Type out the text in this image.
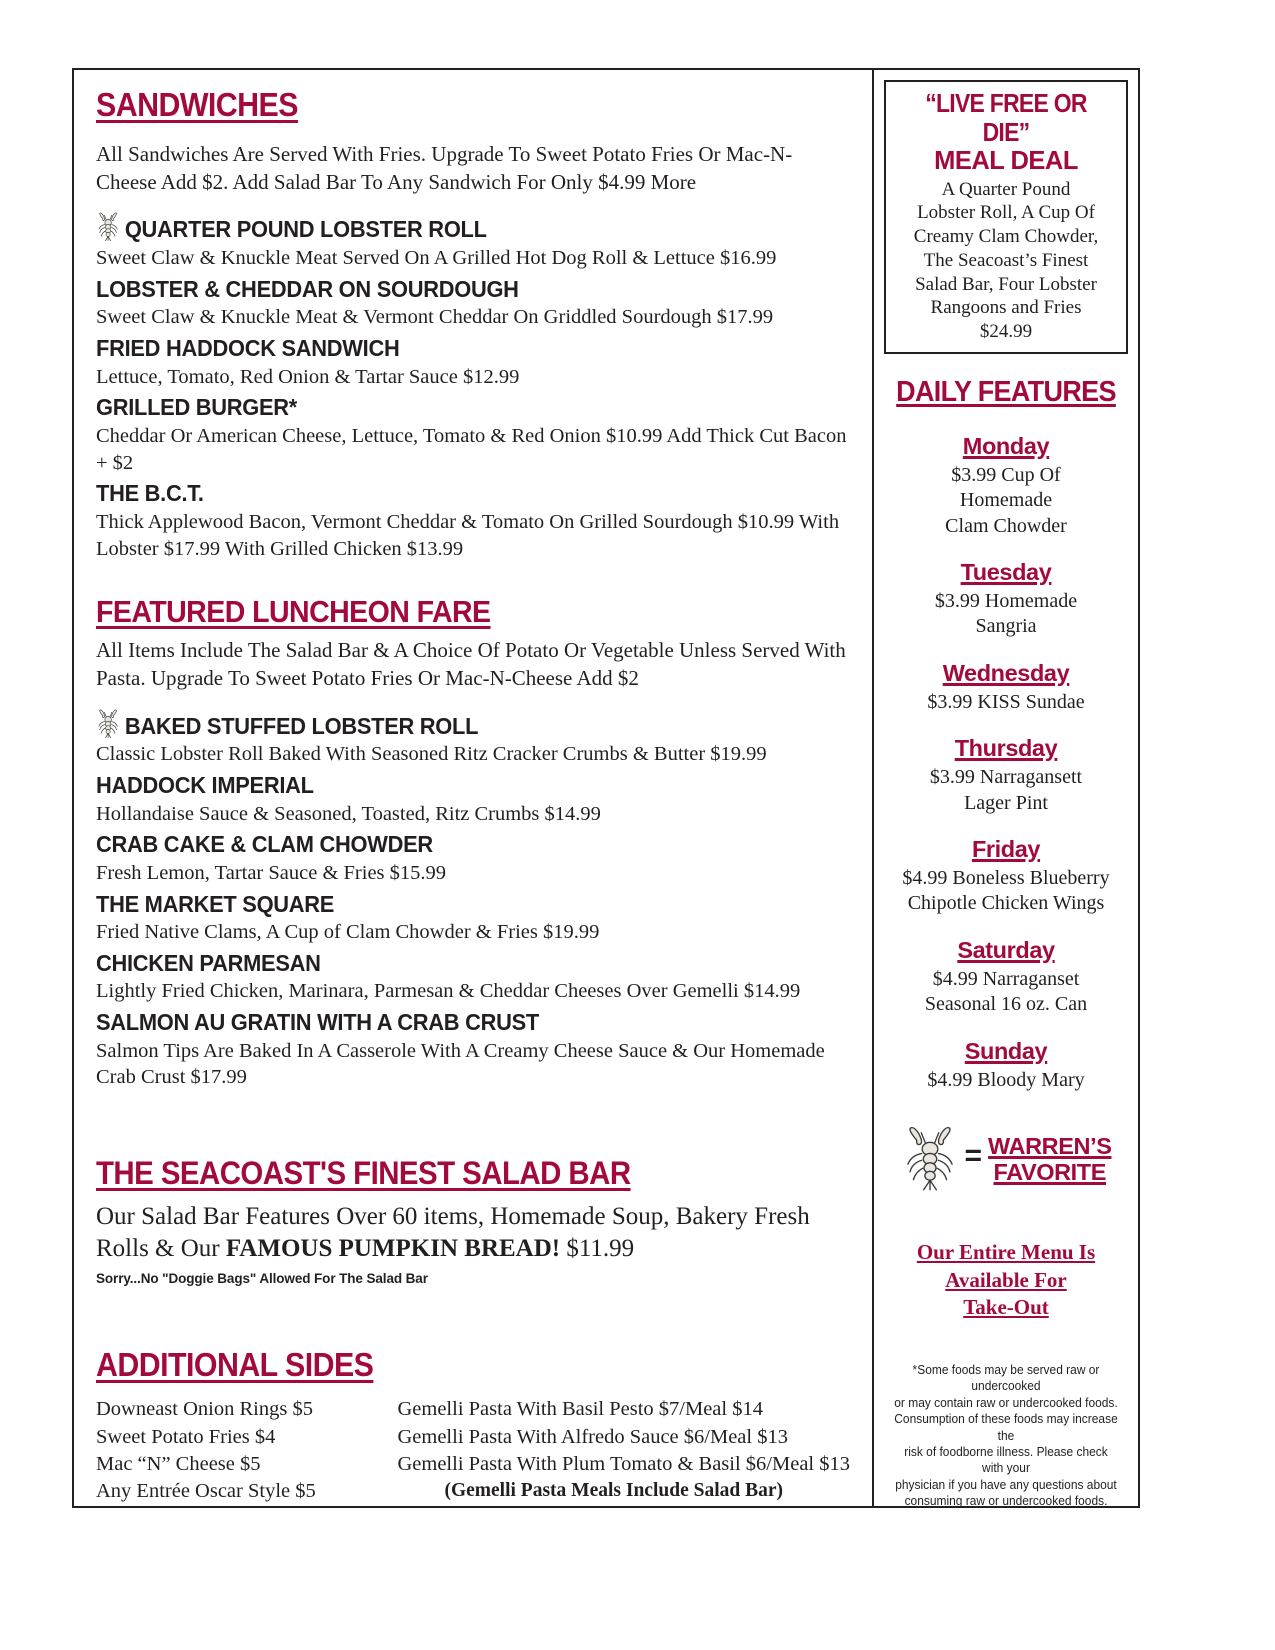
SANDWICHES
All Sandwiches Are Served With Fries. Upgrade To Sweet Potato Fries Or Mac-N-Cheese Add $2. Add Salad Bar To Any Sandwich For Only $4.99 More
QUARTER POUND LOBSTER ROLL
Sweet Claw & Knuckle Meat Served On A Grilled Hot Dog Roll & Lettuce $16.99
LOBSTER & CHEDDAR ON SOURDOUGH
Sweet Claw & Knuckle Meat & Vermont Cheddar On Griddled Sourdough $17.99
FRIED HADDOCK SANDWICH
Lettuce, Tomato, Red Onion & Tartar Sauce $12.99
GRILLED BURGER*
Cheddar Or American Cheese, Lettuce, Tomato & Red Onion $10.99 Add Thick Cut Bacon + $2
THE B.C.T.
Thick Applewood Bacon, Vermont Cheddar & Tomato On Grilled Sourdough $10.99 With Lobster $17.99 With Grilled Chicken $13.99
FEATURED LUNCHEON FARE
All Items Include The Salad Bar & A Choice Of Potato Or Vegetable Unless Served With Pasta. Upgrade To Sweet Potato Fries Or Mac-N-Cheese Add $2
BAKED STUFFED LOBSTER ROLL
Classic Lobster Roll Baked With Seasoned Ritz Cracker Crumbs & Butter $19.99
HADDOCK IMPERIAL
Hollandaise Sauce & Seasoned, Toasted, Ritz Crumbs $14.99
CRAB CAKE & CLAM CHOWDER
Fresh Lemon, Tartar Sauce & Fries $15.99
THE MARKET SQUARE
Fried Native Clams, A Cup of Clam Chowder & Fries $19.99
CHICKEN PARMESAN
Lightly Fried Chicken, Marinara, Parmesan & Cheddar Cheeses Over Gemelli $14.99
SALMON AU GRATIN WITH A CRAB CRUST
Salmon Tips Are Baked In A Casserole With A Creamy Cheese Sauce & Our Homemade Crab Crust $17.99
THE SEACOAST'S FINEST SALAD BAR
Our Salad Bar Features Over 60 items, Homemade Soup, Bakery Fresh Rolls & Our FAMOUS PUMPKIN BREAD! $11.99
Sorry...No "Doggie Bags" Allowed For The Salad Bar
ADDITIONAL SIDES
Downeast Onion Rings $5
Sweet Potato Fries $4
Mac “N” Cheese $5
Any Entrée Oscar Style $5
Gemelli Pasta With Basil Pesto $7/Meal $14
Gemelli Pasta With Alfredo Sauce $6/Meal $13
Gemelli Pasta With Plum Tomato & Basil $6/Meal $13
(Gemelli Pasta Meals Include Salad Bar)
“LIVE FREE OR DIE”
MEAL DEAL
A Quarter Pound
Lobster Roll, A Cup Of
Creamy Clam Chowder,
The Seacoast’s Finest
Salad Bar, Four Lobster
Rangoons and Fries
$24.99
DAILY FEATURES
Monday
$3.99 Cup Of
Homemade
Clam Chowder
Tuesday
$3.99 Homemade
Sangria
Wednesday
$3.99 KISS Sundae
Thursday
$3.99 Narragansett
Lager Pint
Friday
$4.99 Boneless Blueberry
Chipotle Chicken Wings
Saturday
$4.99 Narraganset
Seasonal 16 oz. Can
Sunday
$4.99 Bloody Mary
= WARREN’S
FAVORITE
Our Entire Menu Is
Available For
Take-Out
*Some foods may be served raw or undercooked
or may contain raw or undercooked foods.
Consumption of these foods may increase the
risk of foodborne illness. Please check with your
physician if you have any questions about
consuming raw or undercooked foods.
